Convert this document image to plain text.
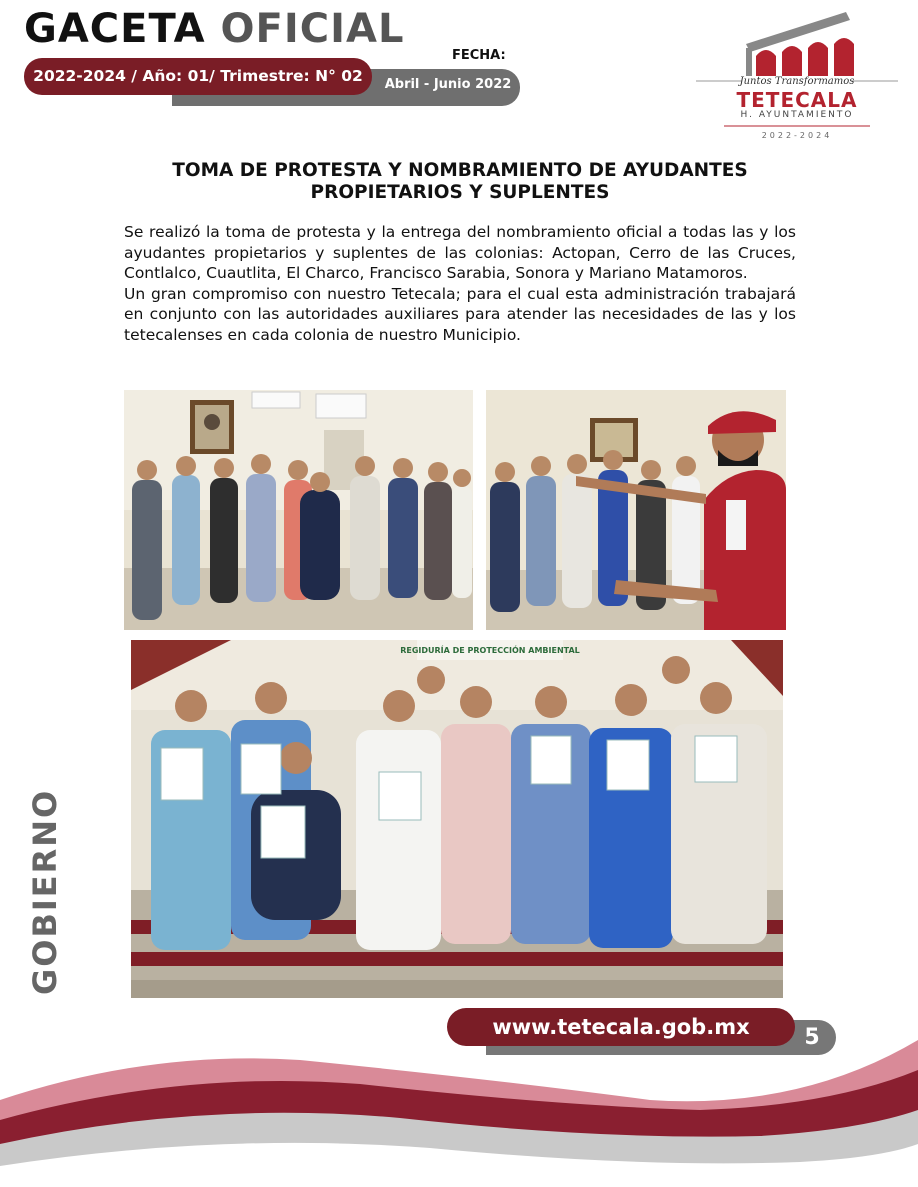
GACETA OFICIAL
2022-2024 / Año: 01/ Trimestre: N° 02
FECHA:
Abril - Junio 2022	Juntos Transformamos
TETECALA
H. AYUNTAMIENTO
2022-2024
TOMA DE PROTESTA Y NOMBRAMIENTO DE AYUDANTES PROPIETARIOS Y SUPLENTES

Se realizó la toma de protesta y la entrega del nombramiento oficial a todas las y los ayudantes propietarios y suplentes de las colonias: Actopan, Cerro de las Cruces, Contlalco, Cuautlita, El Charco, Francisco Sarabia, Sonora y Mariano Matamoros.

Un gran compromiso con nuestro Tetecala; para el cual esta administración trabajará en conjunto con las autoridades auxiliares para atender las necesidades de las y los tetecalenses en cada colonia de nuestro Municipio.

REGIDURÍA DE PROTECCIÓN AMBIENTAL
GOBIERNO
www.tetecala.gob.mx	5
